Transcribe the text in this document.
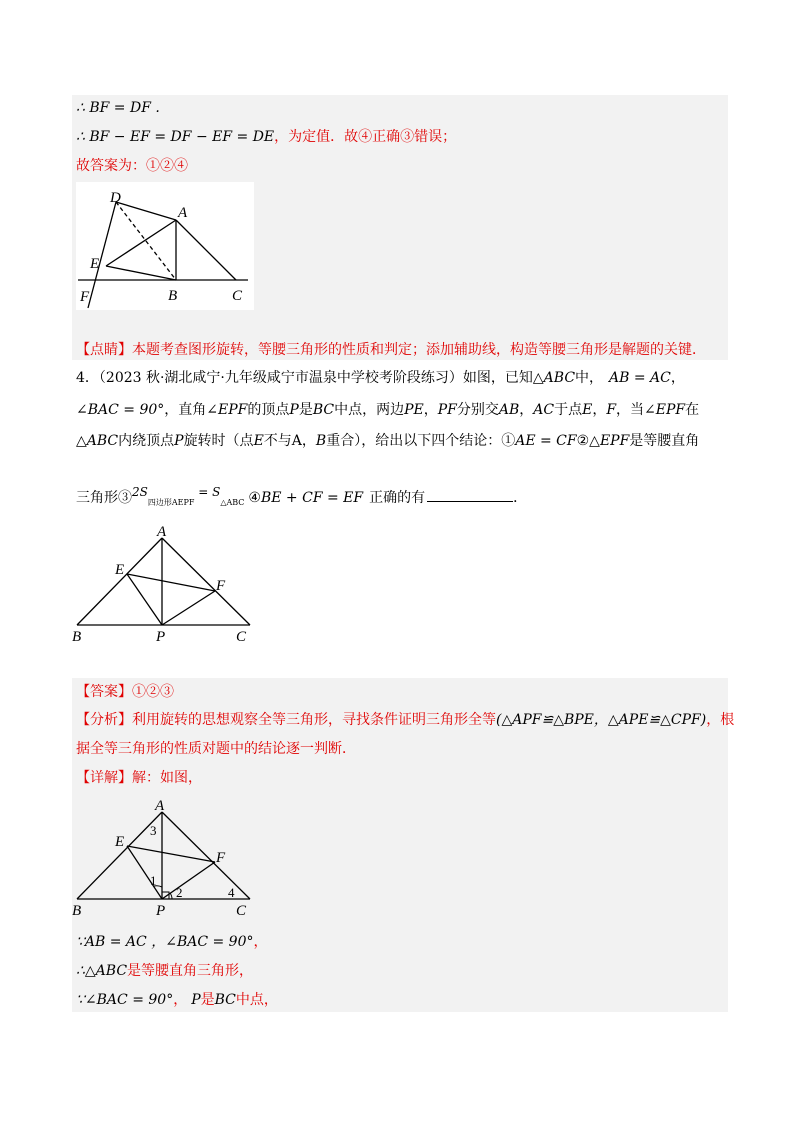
∴ BF = DF .
∴ BF − EF = DF − EF = DE，为定值．故④正确③错误；
故答案为：①②④
D
A
E
F	B	C
【点睛】本题考查图形旋转，等腰三角形的性质和判定；添加辅助线，构造等腰三角形是解题的关键．
4．（2023 秋·湖北咸宁·九年级咸宁市温泉中学校考阶段练习）如图，已知△ABC中， AB = AC，
∠BAC = 90°，直角∠EPF的顶点P是BC中点，两边PE，PF分别交AB，AC于点E，F，当∠EPF在
△ABC内绕顶点P旋转时（点E不与A，B重合），给出以下四个结论：①AE = CF②△EPF是等腰直角
三角形$③2S_{四边形AEPF} = S_{\triangle ABC}$ ④BE + CF = EF 正确的有	．
A
E
F
B	P	C
【答案】①②③
【分析】利用旋转的思想观察全等三角形，寻找条件证明三角形全等(△APF≌△BPE，△APE≌△CPF)，根
据全等三角形的性质对题中的结论逐一判断．
【详解】解：如图，
A
E
F
B	P	C
3
1
2	4
∵AB = AC ，∠BAC = 90°，
∴△ABC是等腰直角三角形，
∵∠BAC = 90°， P是BC中点，
